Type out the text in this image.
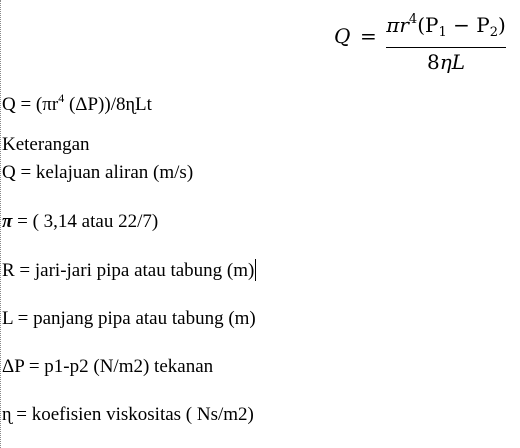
$Q = \pi r^4(P_1 - P_2)$
8ηL
$Q = (\pi r^4$ (ΔP))/8ɳLt
Keterangan
Q = kelajuan aliran (m/s)
π = ( 3,14 atau 22/7)
R = jari-jari pipa atau tabung (m)
L = panjang pipa atau tabung (m)
ΔP = p1-p2 (N/m2) tekanan
ɳ = koefisien viskositas ( Ns/m2)
